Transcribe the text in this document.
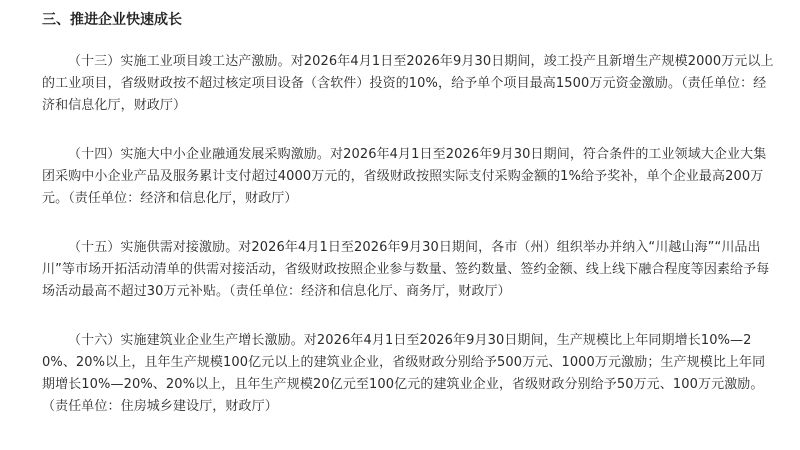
三、推进企业快速成长

（十三）实施工业项目竣工达产激励。对2026年4月1日至2026年9月30日期间，竣工投产且新增生产规模2000万元以上的工业项目，省级财政按不超过核定项目设备（含软件）投资的10%，给予单个项目最高1500万元资金激励。（责任单位：经济和信息化厅，财政厅）

（十四）实施大中小企业融通发展采购激励。对2026年4月1日至2026年9月30日期间，符合条件的工业领域大企业大集团采购中小企业产品及服务累计支付超过4000万元的，省级财政按照实际支付采购金额的1%给予奖补，单个企业最高200万元。（责任单位：经济和信息化厅，财政厅）

（十五）实施供需对接激励。对2026年4月1日至2026年9月30日期间，各市（州）组织举办并纳入“川越山海”“川品出川”等市场开拓活动清单的供需对接活动，省级财政按照企业参与数量、签约数量、签约金额、线上线下融合程度等因素给予每场活动最高不超过30万元补贴。（责任单位：经济和信息化厅、商务厅，财政厅）

（十六）实施建筑业企业生产增长激励。对2026年4月1日至2026年9月30日期间，生产规模比上年同期增长10%—20%、20%以上，且年生产规模100亿元以上的建筑业企业，省级财政分别给予500万元、1000万元激励；生产规模比上年同期增长10%—20%、20%以上，且年生产规模20亿元至100亿元的建筑业企业，省级财政分别给予50万元、100万元激励。（责任单位：住房城乡建设厅，财政厅）
